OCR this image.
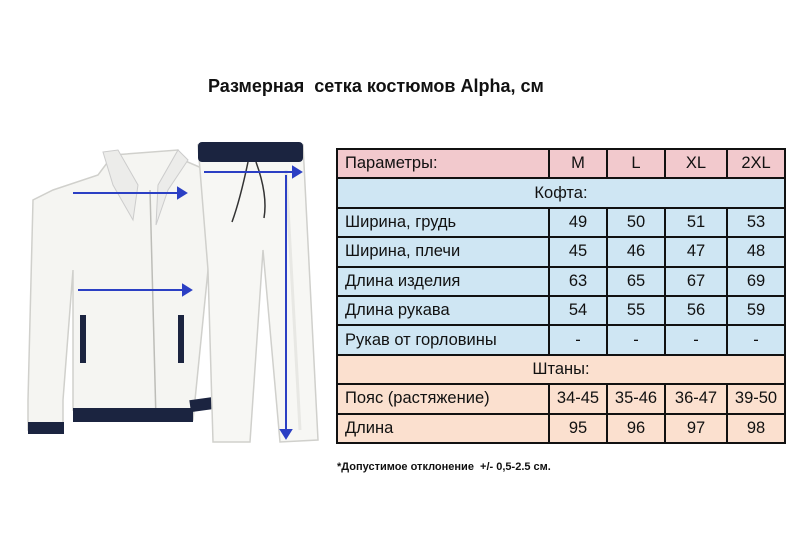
Размерная  сетка костюмов Alpha, см
Параметры:	M	L	XL	2XL
Кофта:				
Ширина, грудь	49	50	51	53
Ширина, плечи	45	46	47	48
Длина изделия	63	65	67	69
Длина рукава	54	55	56	59
Рукав от горловины	-	-	-	-
Штаны:				
Пояс (растяжение)	34-45	35-46	36-47	39-50
Длина	95	96	97	98
*Допустимое отклонение  +/- 0,5-2.5 см.
